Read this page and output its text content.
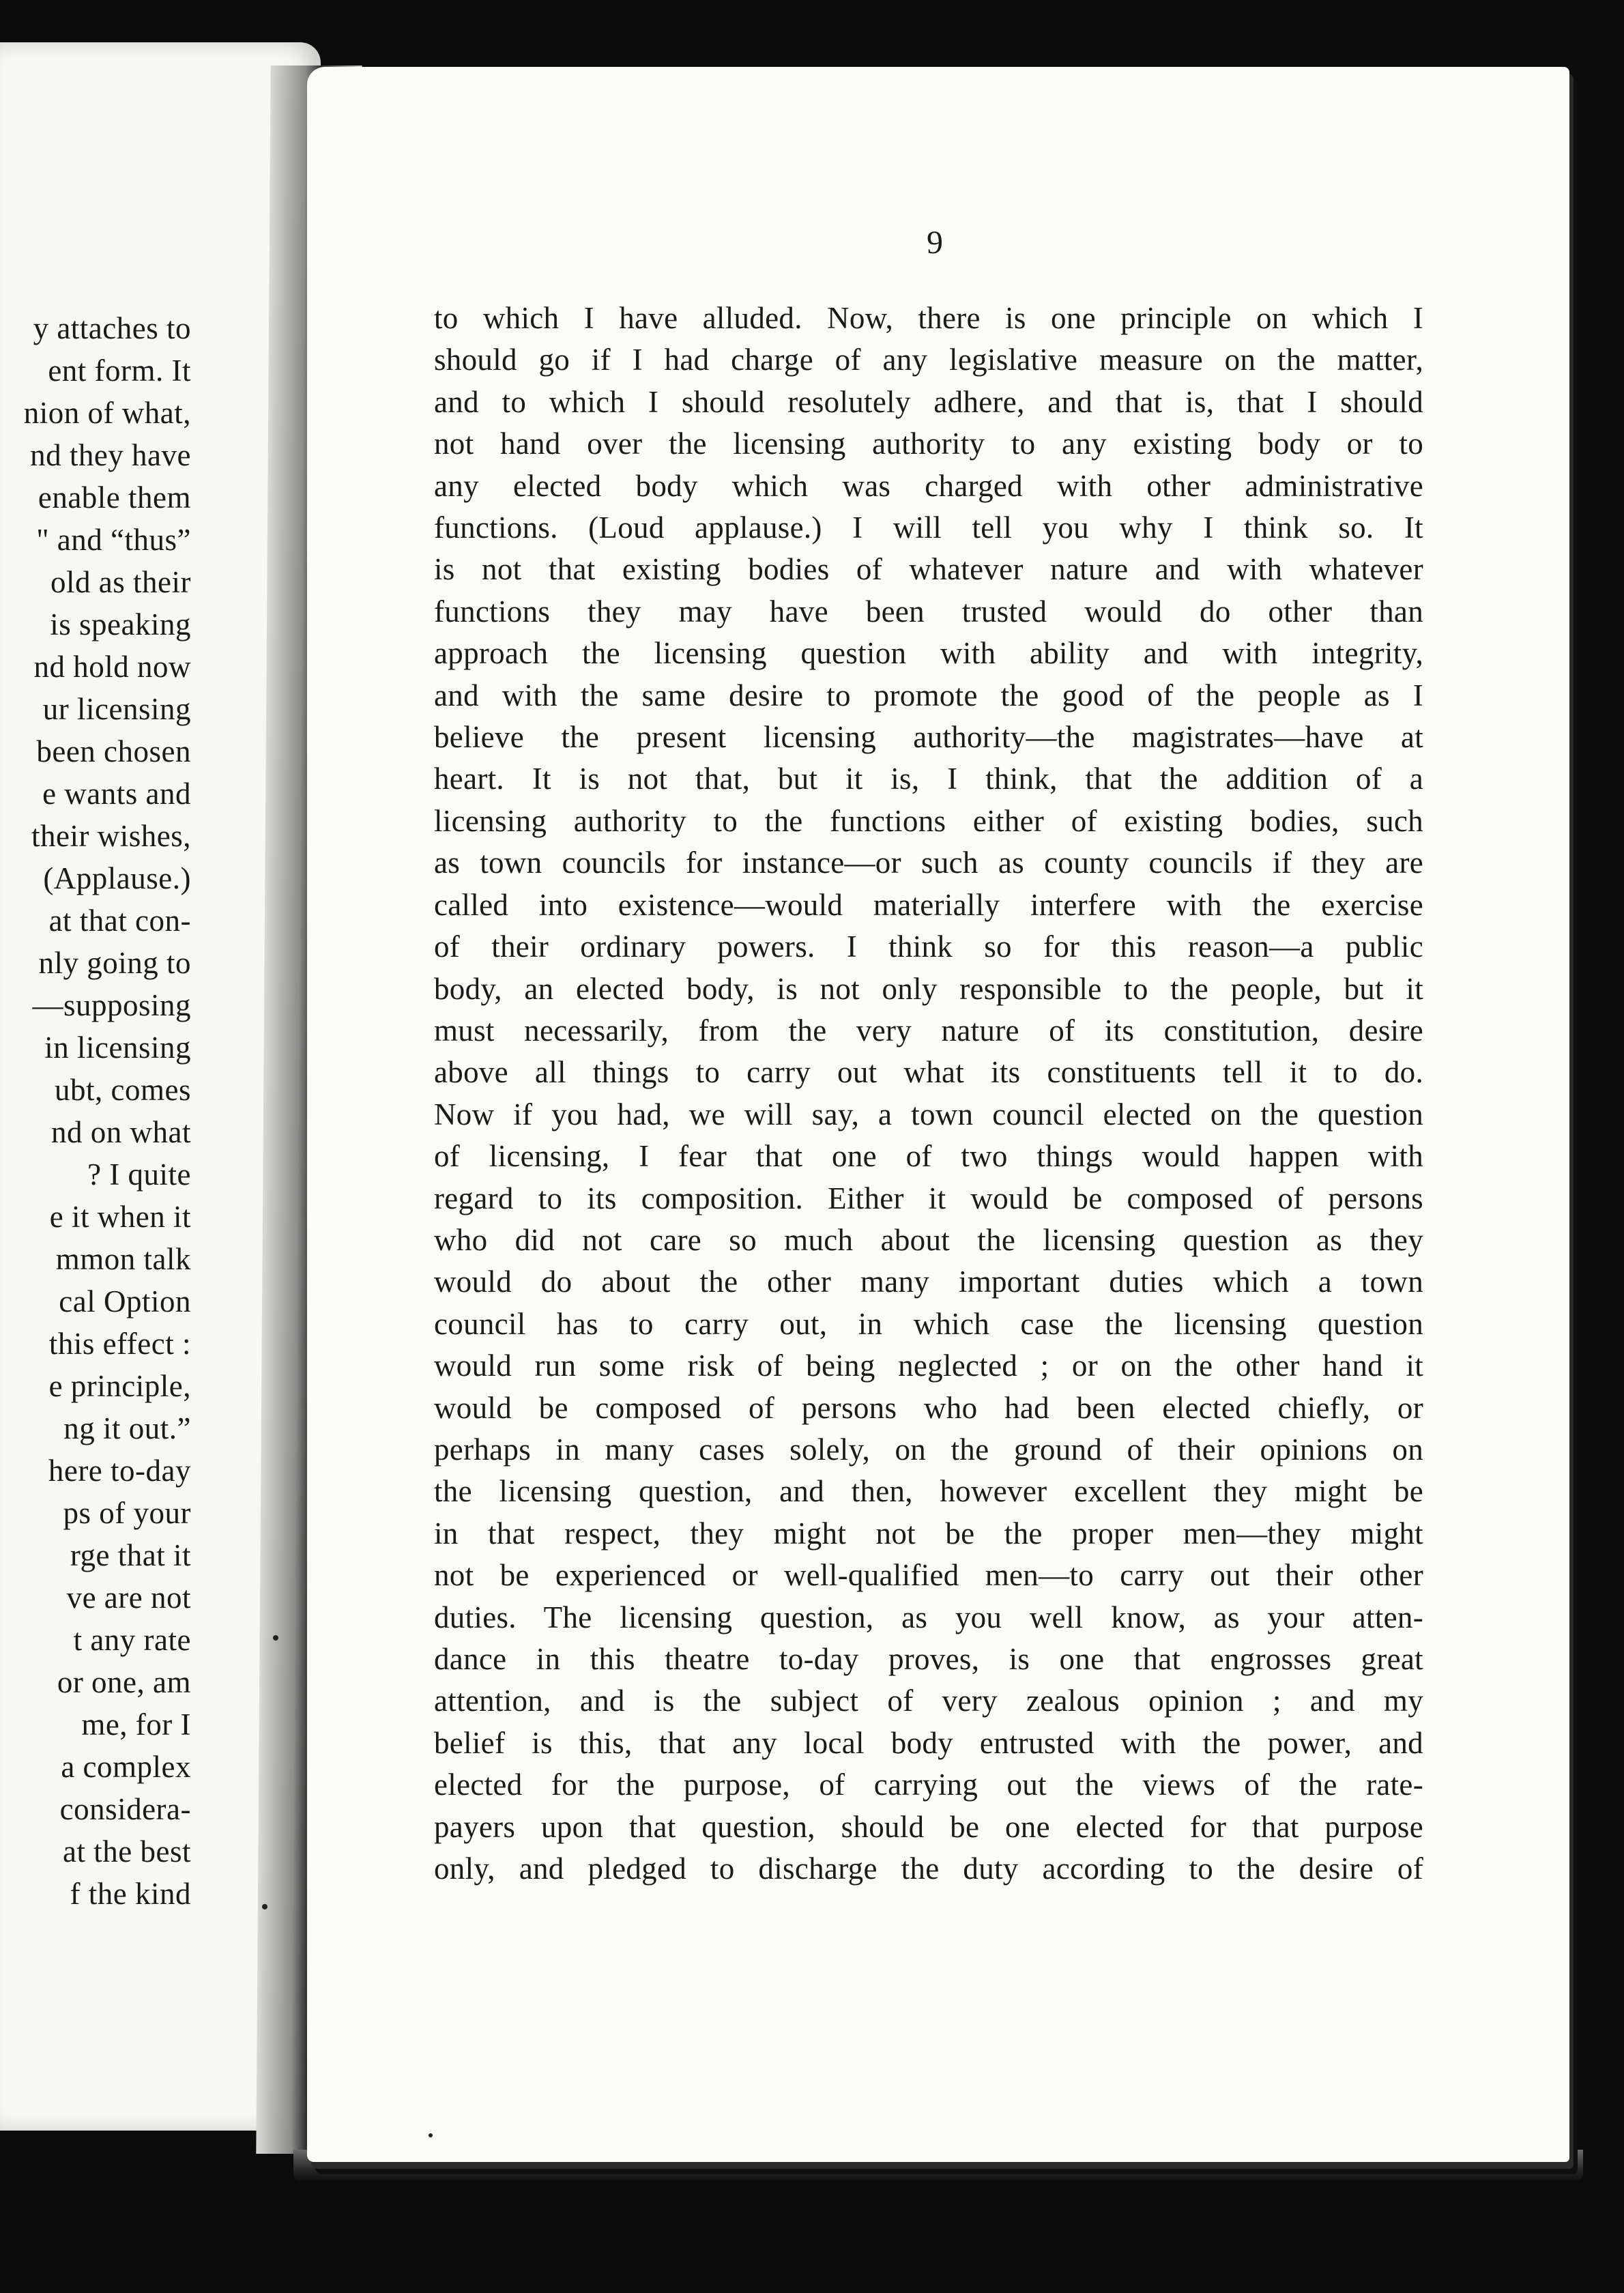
y attaches to
ent form. It
nion of what,
nd they have
enable them
" and “thus”
old as their
is speaking
nd hold now
ur licensing
been chosen
e wants and
their wishes,
(Applause.)
at that con-
nly going to
—supposing
in licensing
ubt, comes
nd on what
? I quite
e it when it
mmon talk
cal Option
this effect :
e principle,
ng it out.”
here to-day
ps of your
rge that it
ve are not
t any rate
or one, am
me, for I
a complex
considera-
at the best
f the kind
9
to which I have alluded. Now, there is one principle on which I
should go if I had charge of any legislative measure on the matter,
and to which I should resolutely adhere, and that is, that I should
not hand over the licensing authority to any existing body or to
any elected body which was charged with other administrative
functions. (Loud applause.) I will tell you why I think so. It
is not that existing bodies of whatever nature and with whatever
functions they may have been trusted would do other than
approach the licensing question with ability and with integrity,
and with the same desire to promote the good of the people as I
believe the present licensing authority—the magistrates—have at
heart. It is not that, but it is, I think, that the addition of a
licensing authority to the functions either of existing bodies, such
as town councils for instance—or such as county councils if they are
called into existence—would materially interfere with the exercise
of their ordinary powers. I think so for this reason—a public
body, an elected body, is not only responsible to the people, but it
must necessarily, from the very nature of its constitution, desire
above all things to carry out what its constituents tell it to do.
Now if you had, we will say, a town council elected on the question
of licensing, I fear that one of two things would happen with
regard to its composition. Either it would be composed of persons
who did not care so much about the licensing question as they
would do about the other many important duties which a town
council has to carry out, in which case the licensing question
would run some risk of being neglected ; or on the other hand it
would be composed of persons who had been elected chiefly, or
perhaps in many cases solely, on the ground of their opinions on
the licensing question, and then, however excellent they might be
in that respect, they might not be the proper men—they might
not be experienced or well-qualified men—to carry out their other
duties. The licensing question, as you well know, as your atten-
dance in this theatre to-day proves, is one that engrosses great
attention, and is the subject of very zealous opinion ; and my
belief is this, that any local body entrusted with the power, and
elected for the purpose, of carrying out the views of the rate-
payers upon that question, should be one elected for that purpose
only, and pledged to discharge the duty according to the desire of
